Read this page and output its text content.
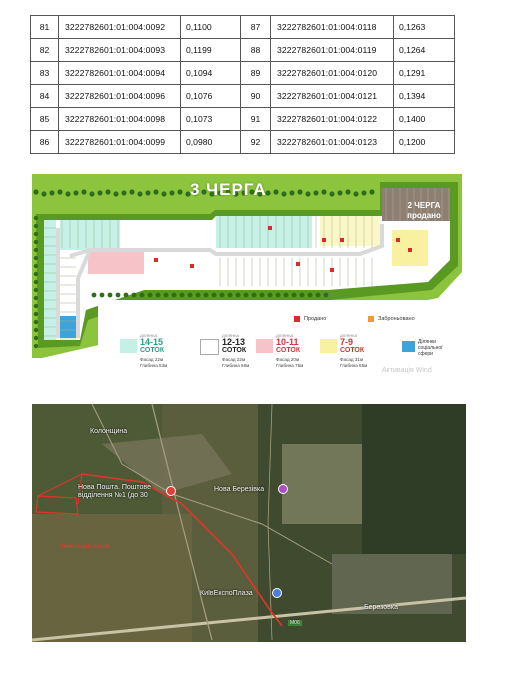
81	3222782601:01:004:0092	0,1100	87	3222782601:01:004:0118	0,1263
82	3222782601:01:004:0093	0,1199	88	3222782601:01:004:0119	0,1264
83	3222782601:01:004:0094	0,1094	89	3222782601:01:004:0120	0,1291
84	3222782601:01:004:0096	0,1076	90	3222782601:01:004:0121	0,1394
85	3222782601:01:004:0098	0,1073	91	3222782601:01:004:0122	0,1400
86	3222782601:01:004:0099	0,0980	92	3222782601:01:004:0123	0,1200
3 ЧЕРГА
2 ЧЕРГА продано
Продано	Заброньовано
ДІЛЯНКА
14-15
СОТОК
Фасад 22м
Глибина 53м
ДІЛЯНКА
12-13
СОТОК
Фасад 22м
Глибина 56м
ДІЛЯНКА
10-11
СОТОК
Фасад 20м
Глибина 75м
ДІЛЯНКА
7-9
СОТОК
Фасад 31м
Глибина 65м
Ділянки соціальної сфери
Активація Wind
Колонщина
Нова Пошта. Поштове відділення №1 (до 30
Нова Березівка
КиївЕкспоПлаза
Березовка
М06
Земельний масив
